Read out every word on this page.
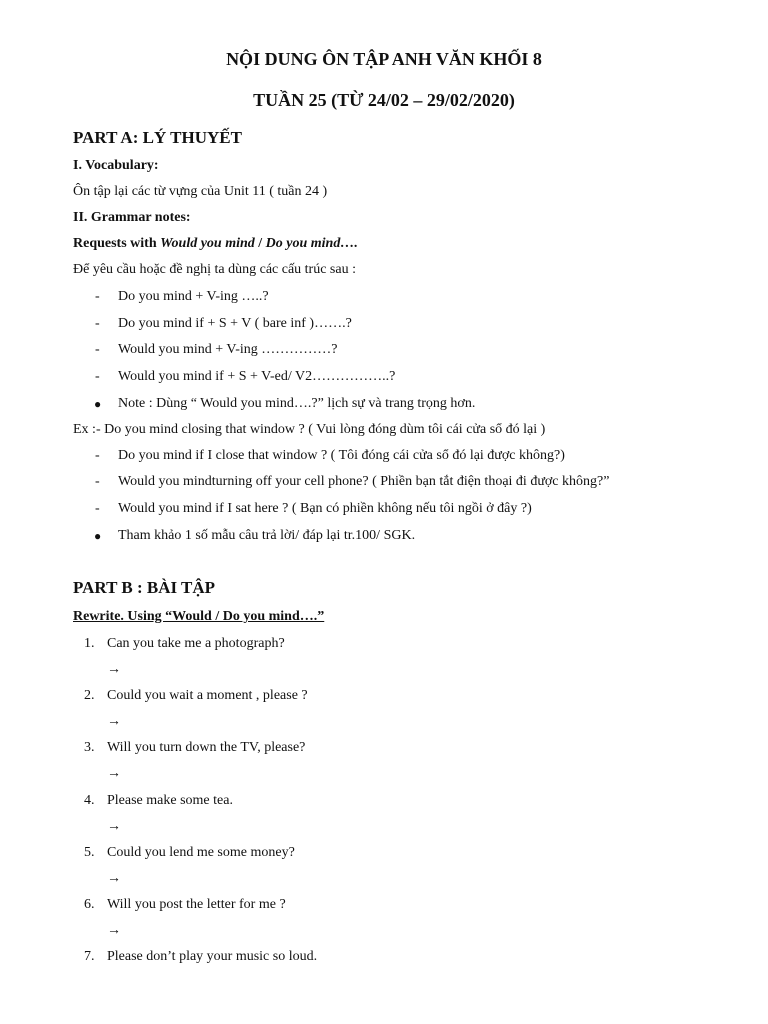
NỘI DUNG ÔN TẬP ANH VĂN KHỐI 8
TUẦN 25 (TỪ 24/02 – 29/02/2020)
PART A: LÝ THUYẾT
I. Vocabulary:
Ôn tập lại các từ vựng của Unit 11 ( tuần 24 )
II. Grammar notes:
Requests with Would you mind / Do you mind….
Để yêu cầu hoặc đề nghị ta dùng các cấu trúc sau :
- Do you mind + V-ing …..?
- Do you mind if + S + V ( bare inf )…….?
- Would you mind + V-ing ……………?
- Would you mind if + S + V-ed/ V2……………..?
● Note : Dùng “ Would you mind….?” lịch sự và trang trọng hơn.
Ex :- Do you mind closing that window ? ( Vui lòng đóng dùm tôi cái cửa sổ đó lại )
- Do you mind if I close that window ? ( Tôi đóng cái cửa sổ đó lại được không?)
- Would you mindturning off your cell phone? ( Phiền bạn tắt điện thoại đi được không?”
- Would you mind if I sat here ? ( Bạn có phiền không nếu tôi ngồi ở đây ?)
● Tham khảo 1 số mẫu câu trả lời/ đáp lại tr.100/ SGK.
PART B : BÀI TẬP
Rewrite. Using “Would / Do you mind….”
1. Can you take me a photograph?
→
2. Could you wait a moment , please ?
→
3. Will you turn down the TV, please?
→
4. Please make some tea.
→
5. Could you lend me some money?
→
6. Will you post the letter for me ?
→
7. Please don’t play your music so loud.
